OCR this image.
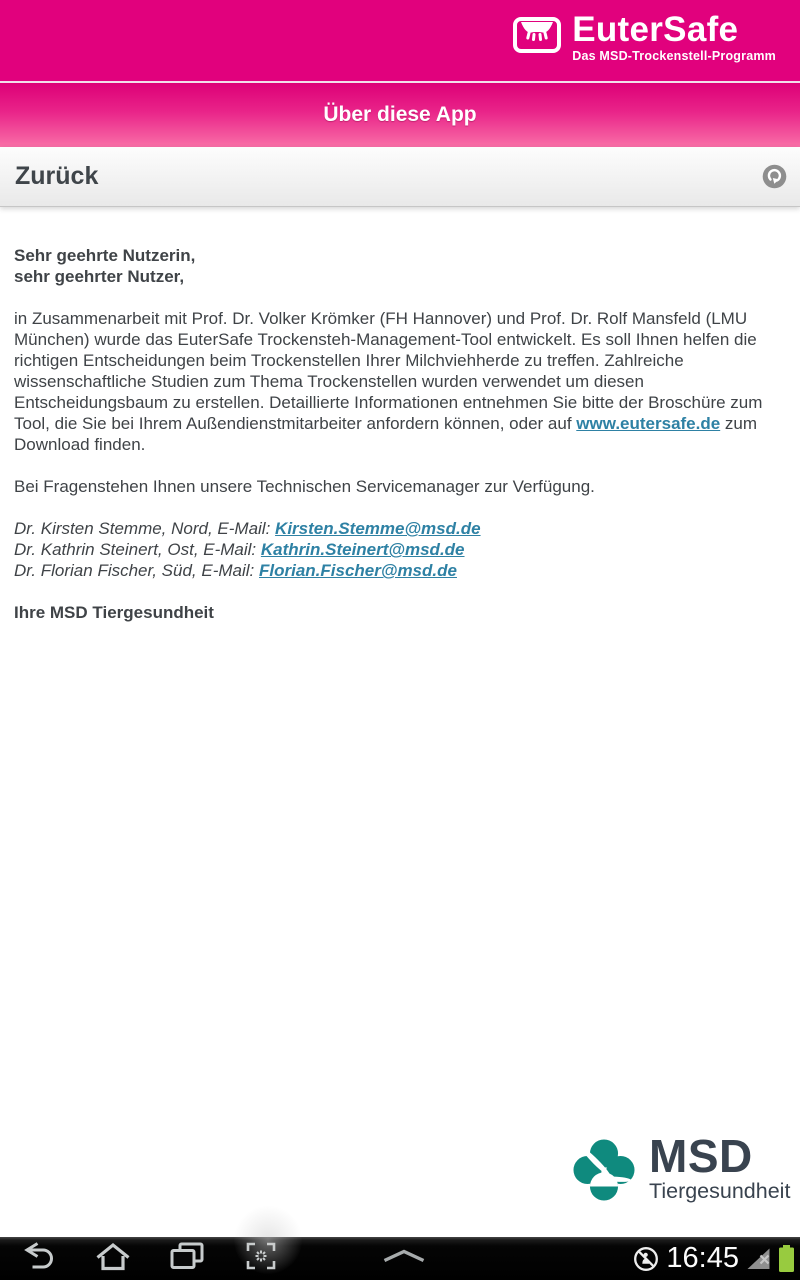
EuterSafe
Das MSD-Trockenstell-Programm
Über diese App
Zurück

Sehr geehrte Nutzerin,
sehr geehrter Nutzer,

in Zusammenarbeit mit Prof. Dr. Volker Krömker (FH Hannover) und Prof. Dr. Rolf Mansfeld (LMU München) wurde das EuterSafe Trockensteh-Management-Tool entwickelt. Es soll Ihnen helfen die richtigen Entscheidungen beim Trockenstellen Ihrer Milchviehherde zu treffen. Zahlreiche wissenschaftliche Studien zum Thema Trockenstellen wurden verwendet um diesen Entscheidungsbaum zu erstellen. Detaillierte Informationen entnehmen Sie bitte der Broschüre zum Tool, die Sie bei Ihrem Außendienstmitarbeiter anfordern können, oder auf www.eutersafe.de zum Download finden.

Bei Fragenstehen Ihnen unsere Technischen Servicemanager zur Verfügung.

Dr. Kirsten Stemme, Nord, E-Mail: Kirsten.Stemme@msd.de
Dr. Kathrin Steinert, Ost, E-Mail: Kathrin.Steinert@msd.de
Dr. Florian Fischer, Süd, E-Mail: Florian.Fischer@msd.de

Ihre MSD Tiergesundheit

MSD
Tiergesundheit
16:45
